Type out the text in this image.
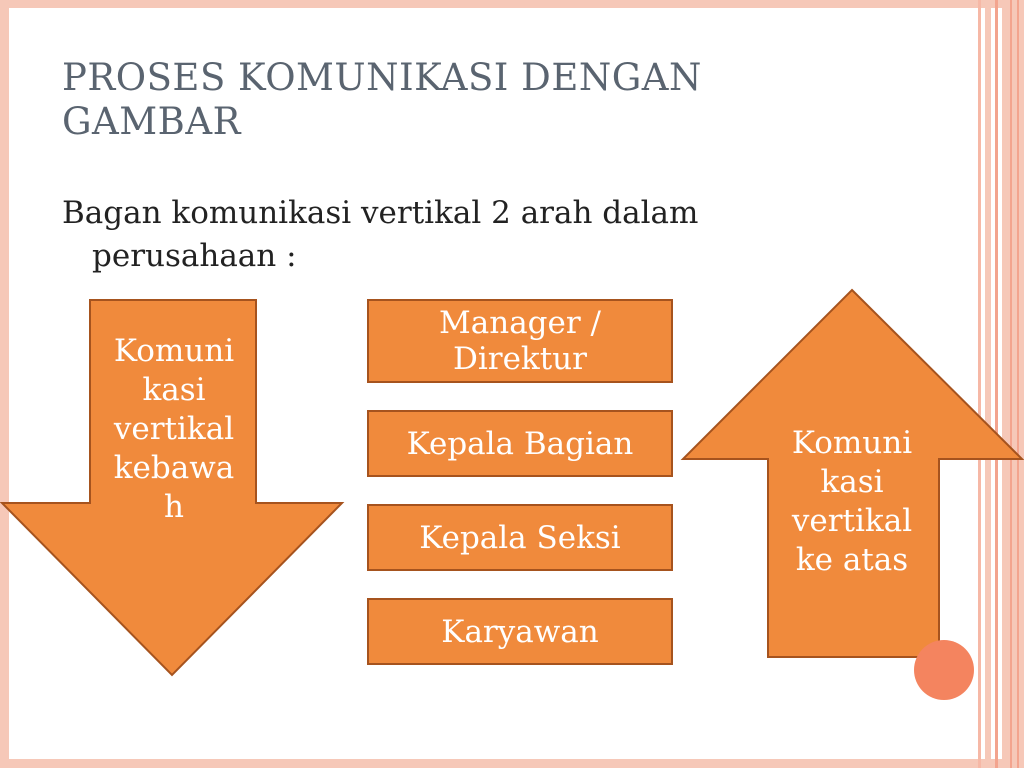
PROSES KOMUNIKASI DENGAN GAMBAR
Bagan komunikasi vertikal 2 arah dalam
perusahaan :
Komuni
kasi
vertikal
kebawa
h
Komuni
kasi
vertikal
ke atas
Manager /
Direktur
Kepala Bagian
Kepala Seksi
Karyawan
